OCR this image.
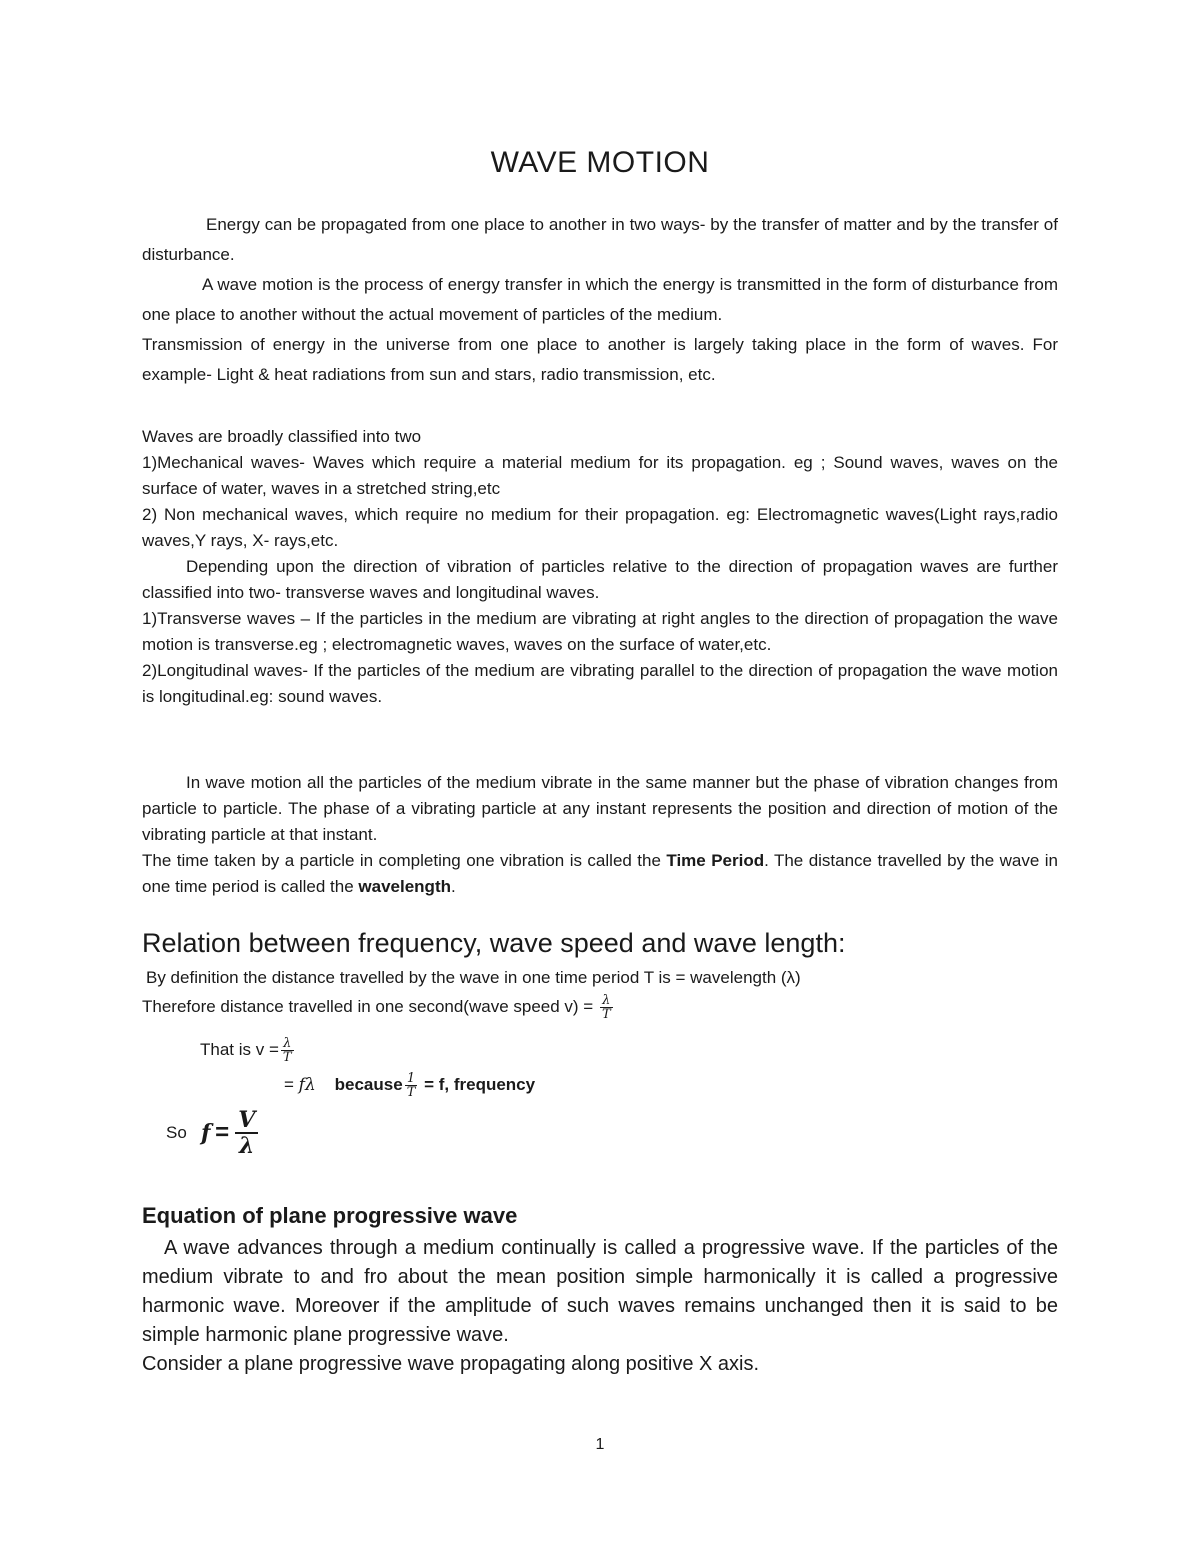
WAVE MOTION

Energy can be propagated from one place to another in two ways- by the transfer of matter and by the transfer of disturbance.

A wave motion is the process of energy transfer in which the energy is transmitted in the form of disturbance from one place to another without the actual movement of particles of the medium.

Transmission of energy in the universe from one place to another is largely taking place in the form of waves. For example- Light & heat radiations from sun and stars, radio transmission, etc.

Waves are broadly classified into two

1)Mechanical waves- Waves which require a material medium for its propagation. eg ; Sound waves, waves on the surface of water, waves in a stretched string,etc

2) Non mechanical waves, which require no medium for their propagation. eg: Electromagnetic waves(Light rays,radio waves,Υ rays, X- rays,etc.

Depending upon the direction of vibration of particles relative to the direction of propagation waves are further classified into two- transverse waves and longitudinal waves.

1)Transverse waves – If the particles in the medium are vibrating at right angles to the direction of propagation the wave motion is transverse.eg ; electromagnetic waves, waves on the surface of water,etc.

2)Longitudinal waves- If the particles of the medium are vibrating parallel to the direction of propagation the wave motion is longitudinal.eg: sound waves.

In wave motion all the particles of the medium vibrate in the same manner but the phase of vibration changes from particle to particle. The phase of a vibrating particle at any instant represents the position and direction of motion of the vibrating particle at that instant.

The time taken by a particle in completing one vibration is called the Time Period. The distance travelled by the wave in one time period is called the wavelength.

Relation between frequency, wave speed and wave length:
By definition the distance travelled by the wave in one time period T is = wavelength (λ)
Therefore distance travelled in one second(wave speed $v) = \frac{\lambda}{T}$
That is $v = \frac{\lambda}{T}$
= fλ because $\frac{1}{T} = f$, frequency
So $f = \frac{V}{\lambda}$
Equation of plane progressive wave

A wave advances through a medium continually is called a progressive wave. If the particles of the medium vibrate to and fro about the mean position simple harmonically it is called a progressive harmonic wave. Moreover if the amplitude of such waves remains unchanged then it is said to be simple harmonic plane progressive wave.

Consider a plane progressive wave propagating along positive X axis.

1
